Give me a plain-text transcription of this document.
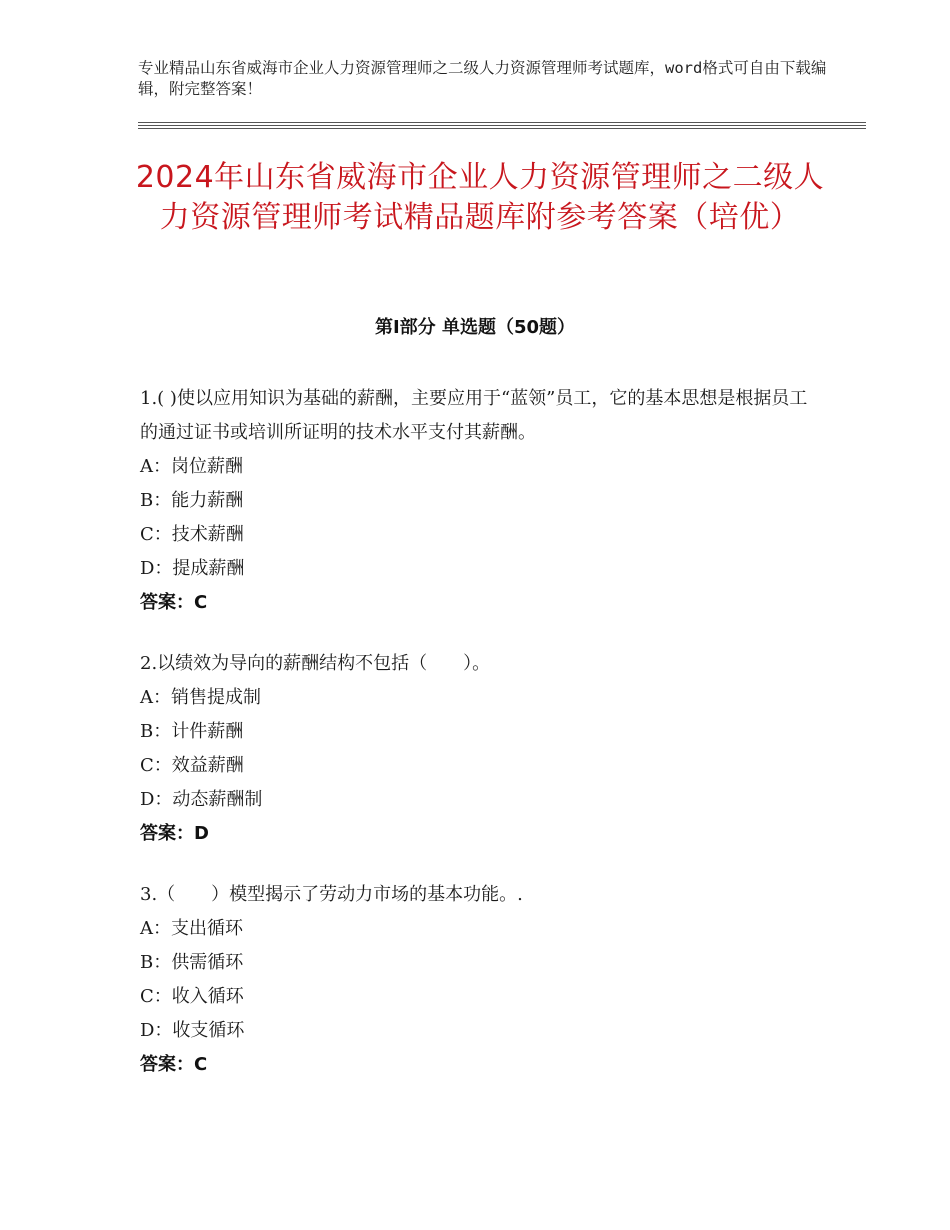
专业精品山东省威海市企业人力资源管理师之二级人力资源管理师考试题库，word格式可自由下载编辑，附完整答案！
2024年山东省威海市企业人力资源管理师之二级人力资源管理师考试精品题库附参考答案（培优）
第Ⅰ部分 单选题（50题）
1.( )使以应用知识为基础的薪酬，主要应用于“蓝领”员工，它的基本思想是根据员工的通过证书或培训所证明的技术水平支付其薪酬。
A：岗位薪酬
B：能力薪酬
C：技术薪酬
D：提成薪酬
答案：C
2.以绩效为导向的薪酬结构不包括（　　）。
A：销售提成制
B：计件薪酬
C：效益薪酬
D：动态薪酬制
答案：D
3.（　　）模型揭示了劳动力市场的基本功能。.
A：支出循环
B：供需循环
C：收入循环
D：收支循环
答案：C
